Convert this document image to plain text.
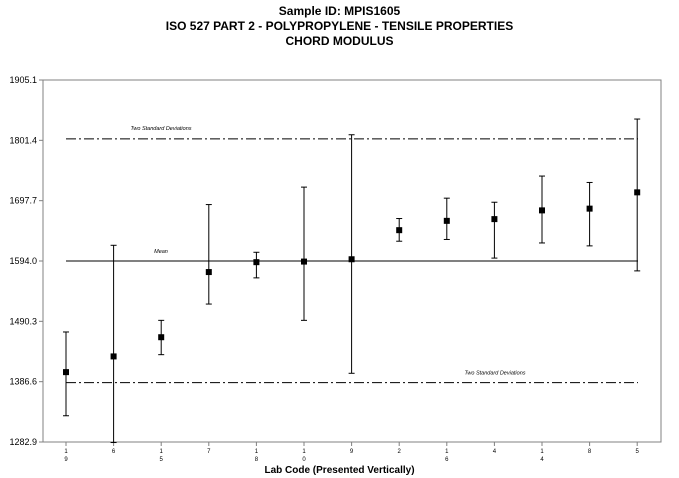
Sample ID: MPIS1605
ISO 527 PART 2 - POLYPROPYLENE - TENSILE PROPERTIES
CHORD MODULUS
1282.9
1386.6
1490.3
1594.0
1697.7
1801.4
1905.1
1
9
6	1
5
7	1
8
1
0
9	2	1
6
4	1
4
8	5
Mean
Two Standard Deviations
Two Standard Deviations
Lab Code (Presented Vertically)
